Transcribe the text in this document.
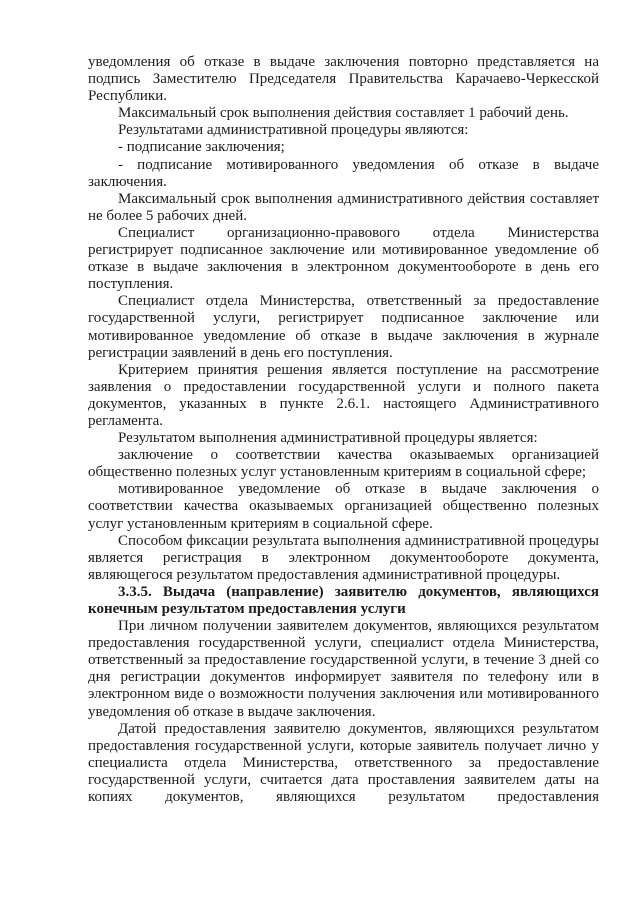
уведомления об отказе в выдаче заключения повторно представляется на подпись Заместителю Председателя Правительства Карачаево-Черкесской Республики.

Максимальный срок выполнения действия составляет 1 рабочий день.

Результатами административной процедуры являются:

- подписание заключения;

- подписание мотивированного уведомления об отказе в выдаче заключения.

Максимальный срок выполнения административного действия составляет не более 5 рабочих дней.

Специалист организационно-правового отдела Министерства регистрирует подписанное заключение или мотивированное уведомление об отказе в выдаче заключения в электронном документообороте в день его поступления.

Специалист отдела Министерства, ответственный за предоставление государственной услуги, регистрирует подписанное заключение или мотивированное уведомление об отказе в выдаче заключения в журнале регистрации заявлений в день его поступления.

Критерием принятия решения является поступление на рассмотрение заявления о предоставлении государственной услуги и полного пакета документов, указанных в пункте 2.6.1. настоящего Административного регламента.

Результатом выполнения административной процедуры является:

заключение о соответствии качества оказываемых организацией общественно полезных услуг установленным критериям в социальной сфере;

мотивированное уведомление об отказе в выдаче заключения о соответствии качества оказываемых организацией общественно полезных услуг установленным критериям в социальной сфере.

Способом фиксации результата выполнения административной процедуры является регистрация в электронном документообороте документа, являющегося результатом предоставления административной процедуры.

3.3.5. Выдача (направление) заявителю документов, являющихся конечным результатом предоставления услуги

При личном получении заявителем документов, являющихся результатом предоставления государственной услуги, специалист отдела Министерства, ответственный за предоставление государственной услуги, в течение 3 дней со дня регистрации документов информирует заявителя по телефону или в электронном виде о возможности получения заключения или мотивированного уведомления об отказе в выдаче заключения.

Датой предоставления заявителю документов, являющихся результатом предоставления государственной услуги, которые заявитель получает лично у специалиста отдела Министерства, ответственного за предоставление государственной услуги, считается дата проставления заявителем даты на копиях документов, являющихся результатом предоставления
